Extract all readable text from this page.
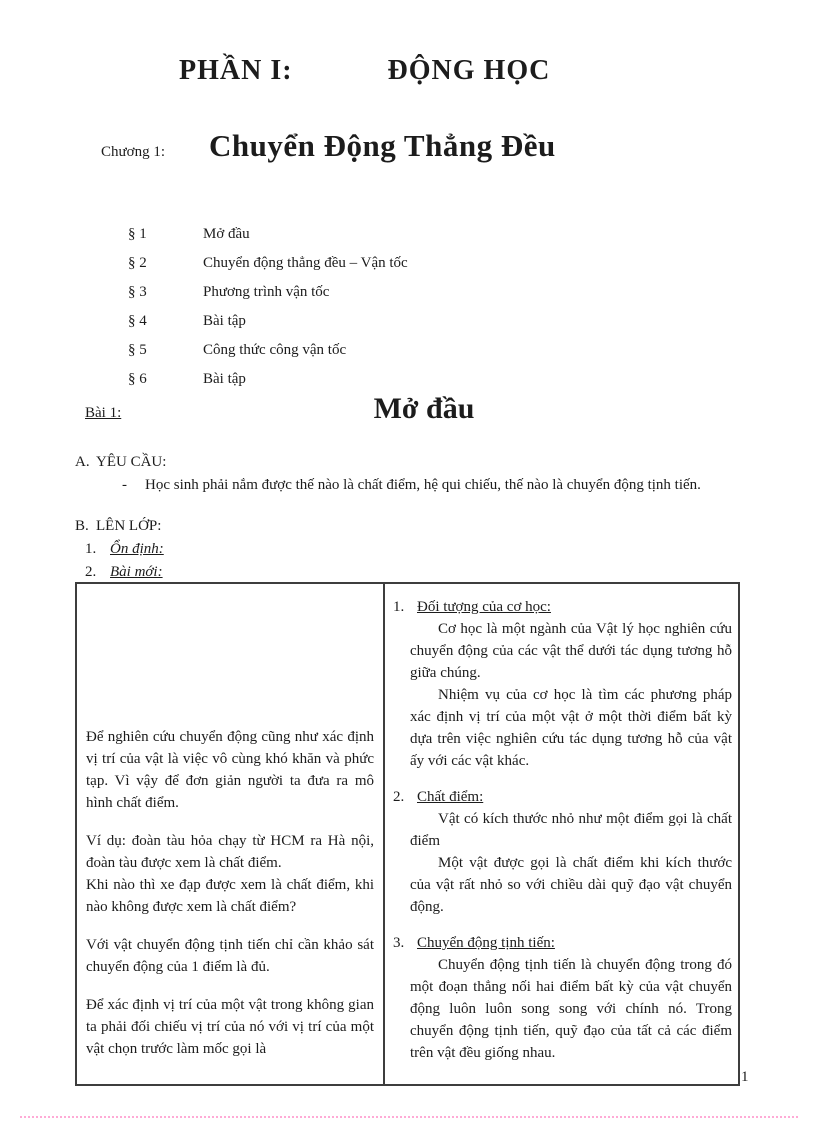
PHẦN I:	ĐỘNG HỌC
Chương 1:	Chuyển Động Thẳng Đều
§ 1	Mở đầu
§ 2	Chuyển động thẳng đều – Vận tốc
§ 3	Phương trình vận tốc
§ 4	Bài tập
§ 5	Công thức công vận tốc
§ 6	Bài tập
Mở đầu
Bài 1:
A. YÊU CẦU:
-	Học sinh phải nắm được thế nào là chất điểm, hệ qui chiếu, thế nào là chuyển động tịnh tiến.
B. LÊN LỚP:
1. Ổn định:
2. Bài mới:

Để nghiên cứu chuyển động cũng như xác định vị trí của vật là việc vô cùng khó khăn và phức tạp. Vì vậy để đơn giản người ta đưa ra mô hình chất điểm.

Ví dụ: đoàn tàu hỏa chạy từ HCM ra Hà nội, đoàn tàu được xem là chất điểm.

Khi nào thì xe đạp được xem là chất điểm, khi nào không được xem là chất điểm?

Với vật chuyển động tịnh tiến chỉ cần khảo sát chuyển động của 1 điểm là đủ.

Để xác định vị trí của một vật trong không gian ta phải đối chiếu vị trí của nó với vị trí của một vật chọn trước làm mốc gọi là

1. Đối tượng của cơ học:

Cơ học là một ngành của Vật lý học nghiên cứu chuyển động của các vật thể dưới tác dụng tương hỗ giữa chúng.

Nhiệm vụ của cơ học là tìm các phương pháp xác định vị trí của một vật ở một thời điểm bất kỳ dựa trên việc nghiên cứu tác dụng tương hỗ của vật ấy với các vật khác.

2. Chất điểm:

Vật có kích thước nhỏ như một điểm gọi là chất điểm

Một vật được gọi là chất điểm khi kích thước của vật rất nhỏ so với chiều dài quỹ đạo vật chuyển động.

3. Chuyển động tịnh tiến:

Chuyển động tịnh tiến là chuyển động trong đó một đoạn thẳng nối hai điểm bất kỳ của vật chuyển động luôn luôn song song với chính nó. Trong chuyển động tịnh tiến, quỹ đạo của tất cả các điểm trên vật đều giống nhau.

1
